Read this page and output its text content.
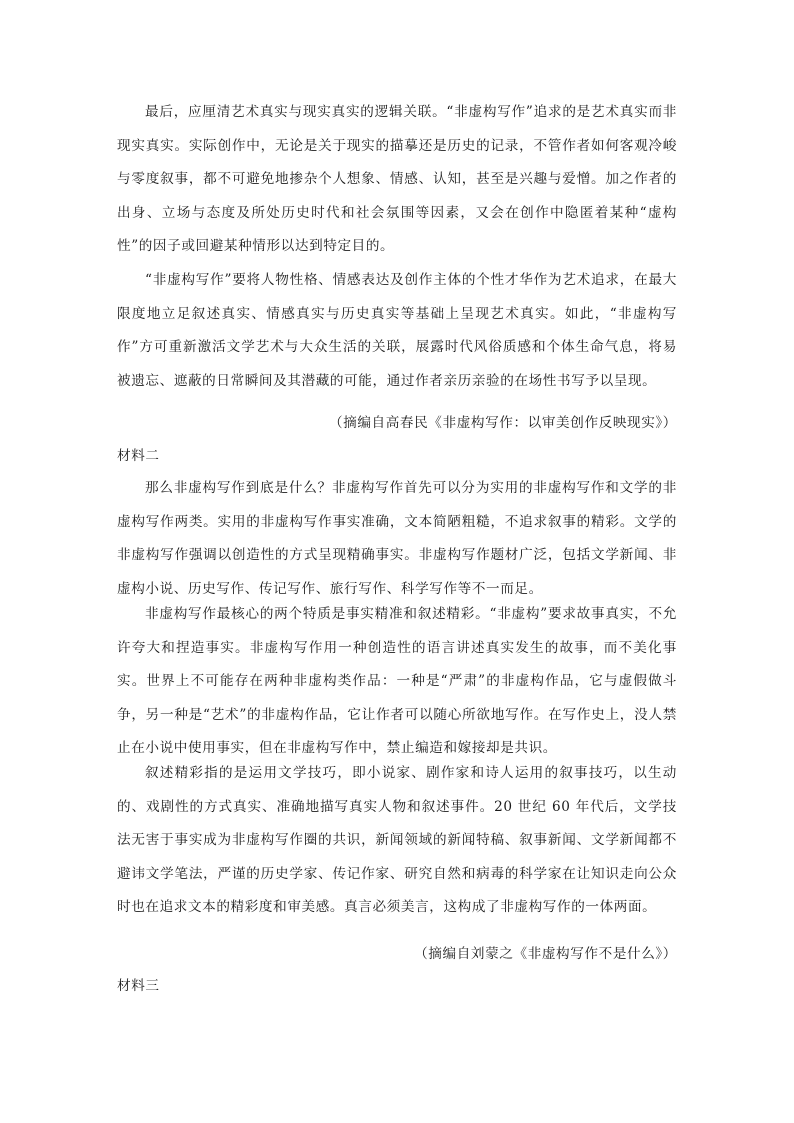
最后，应厘清艺术真实与现实真实的逻辑关联。“非虚构写作”追求的是艺术真实而非现实真实。实际创作中，无论是关于现实的描摹还是历史的记录，不管作者如何客观冷峻与零度叙事，都不可避免地掺杂个人想象、情感、认知，甚至是兴趣与爱憎。加之作者的出身、立场与态度及所处历史时代和社会氛围等因素，又会在创作中隐匿着某种“虚构性”的因子或回避某种情形以达到特定目的。

“非虚构写作”要将人物性格、情感表达及创作主体的个性才华作为艺术追求，在最大限度地立足叙述真实、情感真实与历史真实等基础上呈现艺术真实。如此，“非虚构写作”方可重新激活文学艺术与大众生活的关联，展露时代风俗质感和个体生命气息，将易被遗忘、遮蔽的日常瞬间及其潜藏的可能，通过作者亲历亲验的在场性书写予以呈现。

（摘编自高春民《非虚构写作：以审美创作反映现实》）

材料二

那么非虚构写作到底是什么？非虚构写作首先可以分为实用的非虚构写作和文学的非虚构写作两类。实用的非虚构写作事实准确，文本简陋粗糙，不追求叙事的精彩。文学的非虚构写作强调以创造性的方式呈现精确事实。非虚构写作题材广泛，包括文学新闻、非虚构小说、历史写作、传记写作、旅行写作、科学写作等不一而足。

非虚构写作最核心的两个特质是事实精准和叙述精彩。“非虚构”要求故事真实，不允许夸大和捏造事实。非虚构写作用一种创造性的语言讲述真实发生的故事，而不美化事实。世界上不可能存在两种非虚构类作品：一种是“严肃”的非虚构作品，它与虚假做斗争，另一种是“艺术”的非虚构作品，它让作者可以随心所欲地写作。在写作史上，没人禁止在小说中使用事实，但在非虚构写作中，禁止编造和嫁接却是共识。

叙述精彩指的是运用文学技巧，即小说家、剧作家和诗人运用的叙事技巧，以生动的、戏剧性的方式真实、准确地描写真实人物和叙述事件。20 世纪 60 年代后，文学技法无害于事实成为非虚构写作圈的共识，新闻领域的新闻特稿、叙事新闻、文学新闻都不避讳文学笔法，严谨的历史学家、传记作家、研究自然和病毒的科学家在让知识走向公众时也在追求文本的精彩度和审美感。真言必须美言，这构成了非虚构写作的一体两面。

（摘编自刘蒙之《非虚构写作不是什么》）

材料三
